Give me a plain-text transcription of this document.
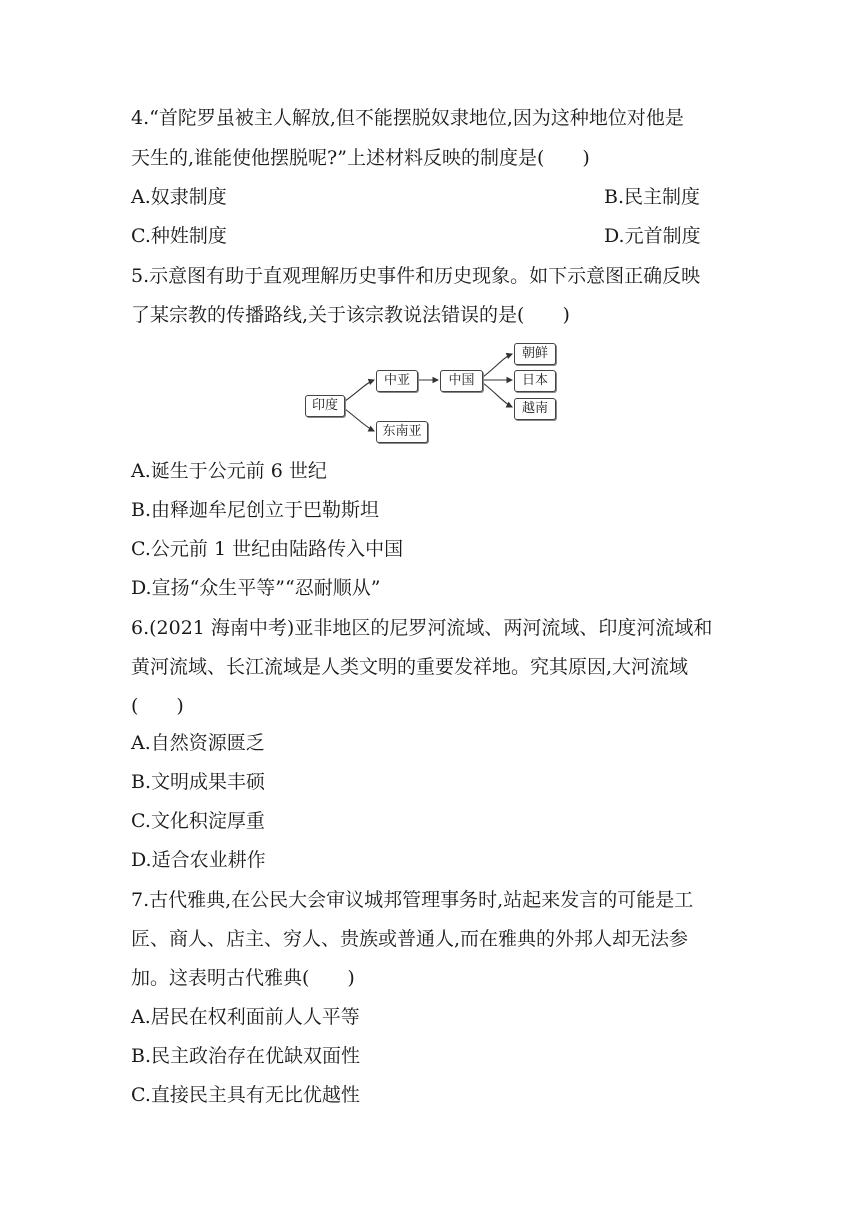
4.“首陀罗虽被主人解放,但不能摆脱奴隶地位,因为这种地位对他是
天生的,谁能使他摆脱呢?”上述材料反映的制度是(　　)
A.奴隶制度	B.民主制度
C.种姓制度	D.元首制度
5.示意图有助于直观理解历史事件和历史现象。如下示意图正确反映
了某宗教的传播路线,关于该宗教说法错误的是(　　)
印度
中亚
东南亚
中国
朝鲜
日本
越南
A.诞生于公元前 6 世纪
B.由释迦牟尼创立于巴勒斯坦
C.公元前 1 世纪由陆路传入中国
D.宣扬“众生平等”“忍耐顺从”
6.(2021 海南中考)亚非地区的尼罗河流域、两河流域、印度河流域和
黄河流域、长江流域是人类文明的重要发祥地。究其原因,大河流域
(　　)
A.自然资源匮乏
B.文明成果丰硕
C.文化积淀厚重
D.适合农业耕作
7.古代雅典,在公民大会审议城邦管理事务时,站起来发言的可能是工
匠、商人、店主、穷人、贵族或普通人,而在雅典的外邦人却无法参
加。这表明古代雅典(　　)
A.居民在权利面前人人平等
B.民主政治存在优缺双面性
C.直接民主具有无比优越性
